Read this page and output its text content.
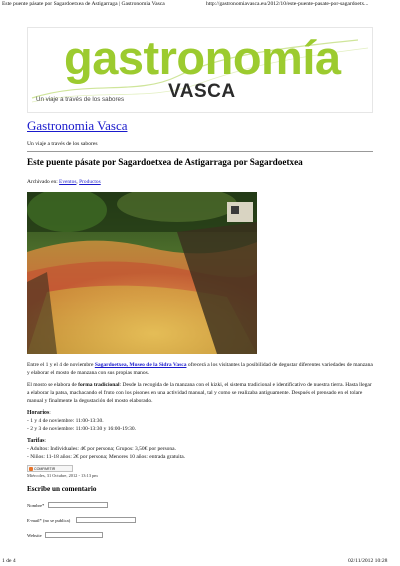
Este puente pásate por Sagardoetxea de Astigarraga | Gastronomia Vasca	http://gastronomiavasca.eu/2012/10/este-puente-pasate-por-sagardoetx...
gastronomía
VASCA
Un viaje a través de los sabores
Gastronomia Vasca
Un viaje a través de los sabores
Este puente pásate por Sagardoetxea de Astigarraga por Sagardoetxea
Archivado en: Eventos, Productos
Entre el 1 y el 4 de noviembre Sagardoetxea, Museo de la Sidra Vasca ofrecerá a los visitantes la posibilidad de degustar diferentes variedades de manzana y elaborar el mosto de manzana con sus propias manos.
El mosto se elabora de forma tradicional: Desde la recogida de la manzana con el kizki, el sistema tradicional e identificativo de nuestra tierra. Hasta llegar a elaborar la patsa, machacando el fruto con los pisones en una actividad manual, tal y como se realizaba antiguamente. Después el prensado en el tolare manual y finalmente la degustación del mosto elaborado.
Horarios:
- 1 y 4 de noviembre: 11:00-13:30.
- 2 y 3 de noviembre: 11:00-13:30 y 16:00-19:30.
Tarifas:
- Adultos: Individuales: 4€ por persona; Grupos: 3,50€ por persona.
- Niños: 11-18 años: 2€ por persona; Menores 10 años: entrada gratuita.
COMPARTIR
Miércoles, 31 Octubre, 2012 - 13:13 pm
Escribe un comentario
Nombre*
E-mail* (no se publica)
Website
1 de 4	02/11/2012 10:28
